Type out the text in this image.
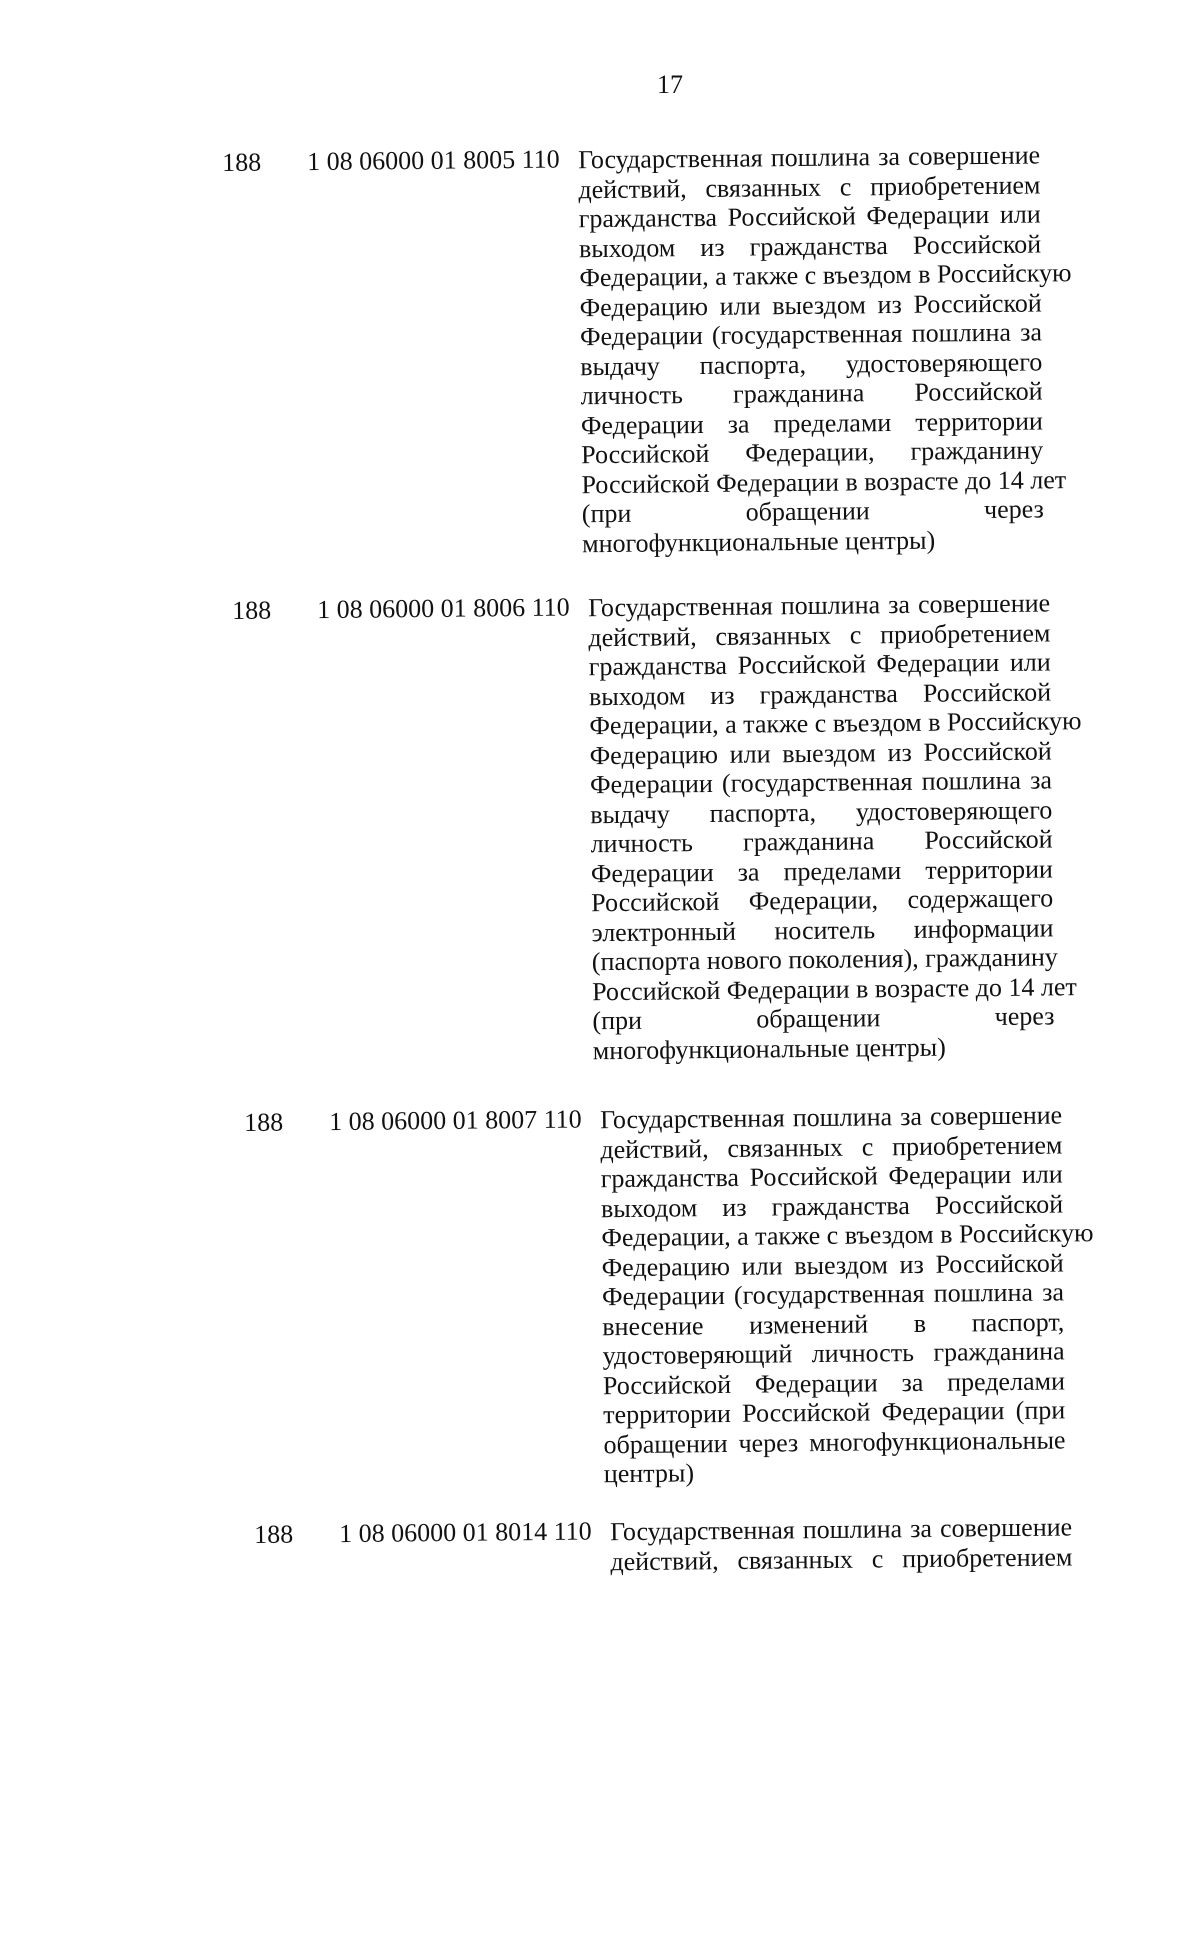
17
188 1 08 06000 01 8005 110 Государственная пошлина за совершение
действий, связанных с приобретением
гражданства Российской Федерации или
выходом из гражданства Российской
Федерации, а также с въездом в Российскую
Федерацию или выездом из Российской
Федерации (государственная пошлина за
выдачу паспорта, удостоверяющего
личность гражданина Российской
Федерации за пределами территории
Российской Федерации, гражданину
Российской Федерации в возрасте до 14 лет
(при обращении через
многофункциональные центры)
188 1 08 06000 01 8006 110 Государственная пошлина за совершение
действий, связанных с приобретением
гражданства Российской Федерации или
выходом из гражданства Российской
Федерации, а также с въездом в Российскую
Федерацию или выездом из Российской
Федерации (государственная пошлина за
выдачу паспорта, удостоверяющего
личность гражданина Российской
Федерации за пределами территории
Российской Федерации, содержащего
электронный носитель информации
(паспорта нового поколения), гражданину
Российской Федерации в возрасте до 14 лет
(при обращении через
многофункциональные центры)
188 1 08 06000 01 8007 110 Государственная пошлина за совершение
действий, связанных с приобретением
гражданства Российской Федерации или
выходом из гражданства Российской
Федерации, а также с въездом в Российскую
Федерацию или выездом из Российской
Федерации (государственная пошлина за
внесение изменений в паспорт,
удостоверяющий личность гражданина
Российской Федерации за пределами
территории Российской Федерации (при
обращении через многофункциональные
центры)
188 1 08 06000 01 8014 110 Государственная пошлина за совершение
действий, связанных с приобретением
